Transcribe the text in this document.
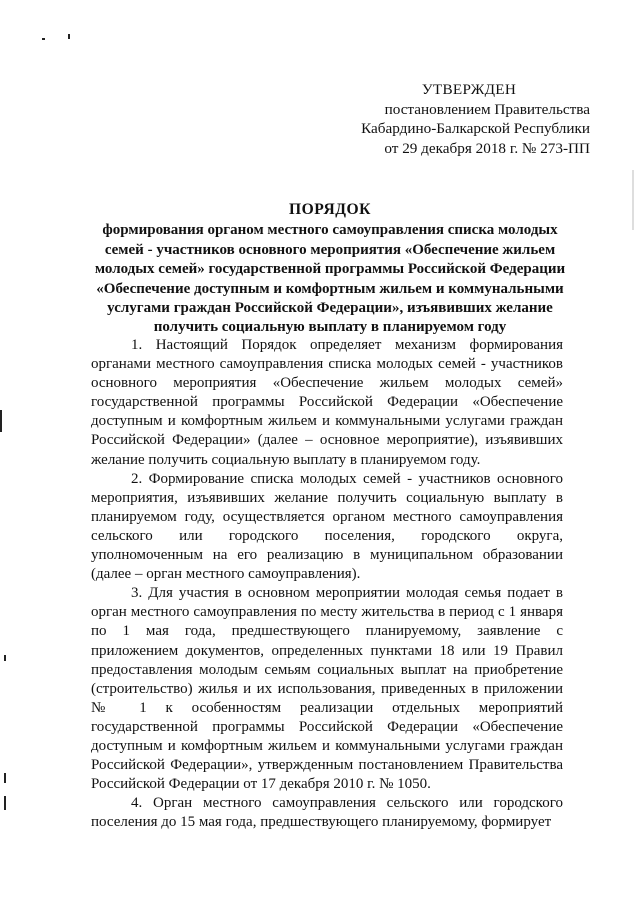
УТВЕРЖДЕН
постановлением Правительства
Кабардино-Балкарской Республики
от 29 декабря 2018 г. № 273-ПП
ПОРЯДОК
формирования органом местного самоуправления списка молодых семей - участников основного мероприятия «Обеспечение жильем молодых семей» государственной программы Российской Федерации «Обеспечение доступным и комфортным жильем и коммунальными услугами граждан Российской Федерации», изъявивших желание получить социальную выплату в планируемом году

1. Настоящий Порядок определяет механизм формирования органами местного самоуправления списка молодых семей - участников основного мероприятия «Обеспечение жильем молодых семей» государственной программы Российской Федерации «Обеспечение доступным и комфортным жильем и коммунальными услугами граждан Российской Федерации» (далее – основное мероприятие), изъявивших желание получить социальную выплату в планируемом году.

2. Формирование списка молодых семей - участников основного мероприятия, изъявивших желание получить социальную выплату в планируемом году, осуществляется органом местного самоуправления сельского или городского поселения, городского округа, уполномоченным на его реализацию в муниципальном образовании (далее – орган местного самоуправления).

3. Для участия в основном мероприятии молодая семья подает в орган местного самоуправления по месту жительства в период с 1 января по 1 мая года, предшествующего планируемому, заявление с приложением документов, определенных пунктами 18 или 19 Правил предоставления молодым семьям социальных выплат на приобретение (строительство) жилья и их использования, приведенных в приложении № 1 к особенностям реализации отдельных мероприятий государственной программы Российской Федерации «Обеспечение доступным и комфортным жильем и коммунальными услугами граждан Российской Федерации», утвержденным постановлением Правительства Российской Федерации от 17 декабря 2010 г. № 1050.

4. Орган местного самоуправления сельского или городского поселения до 15 мая года, предшествующего планируемому, формирует
